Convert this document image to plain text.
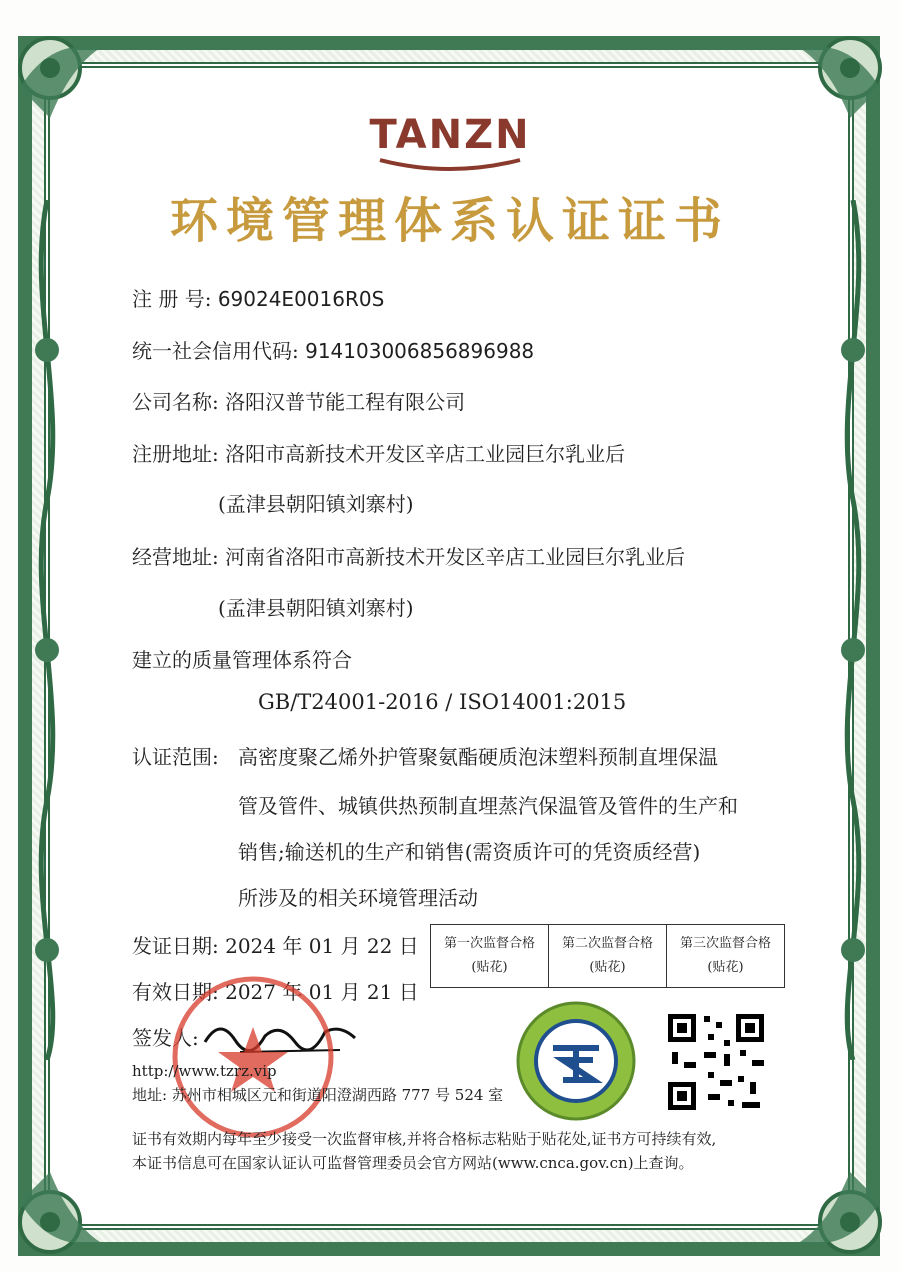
TANZN
环境管理体系认证证书
注 册 号: 69024E0016R0S
统一社会信用代码: 914103006856896988
公司名称: 洛阳汉普节能工程有限公司
注册地址: 洛阳市高新技术开发区辛店工业园巨尔乳业后
(孟津县朝阳镇刘寨村)
经营地址: 河南省洛阳市高新技术开发区辛店工业园巨尔乳业后
(孟津县朝阳镇刘寨村)
建立的质量管理体系符合
GB/T24001-2016 / ISO14001:2015
认证范围: 高密度聚乙烯外护管聚氨酯硬质泡沫塑料预制直埋保温
管及管件、城镇供热预制直埋蒸汽保温管及管件的生产和
销售;输送机的生产和销售(需资质许可的凭资质经营)
所涉及的相关环境管理活动
发证日期: 2024 年 01 月 22 日
有效日期: 2027 年 01 月 21 日
签发人:
http://www.tzrz.vip
地址: 苏州市相城区元和街道阳澄湖西路 777 号 524 室
第一次监督合格
(贴花)

第二次监督合格
(贴花)

第三次监督合格
(贴花)
证书有效期内每年至少接受一次监督审核,并将合格标志粘贴于贴花处,证书方可持续有效,
本证书信息可在国家认证认可监督管理委员会官方网站(www.cnca.gov.cn)上查询。
